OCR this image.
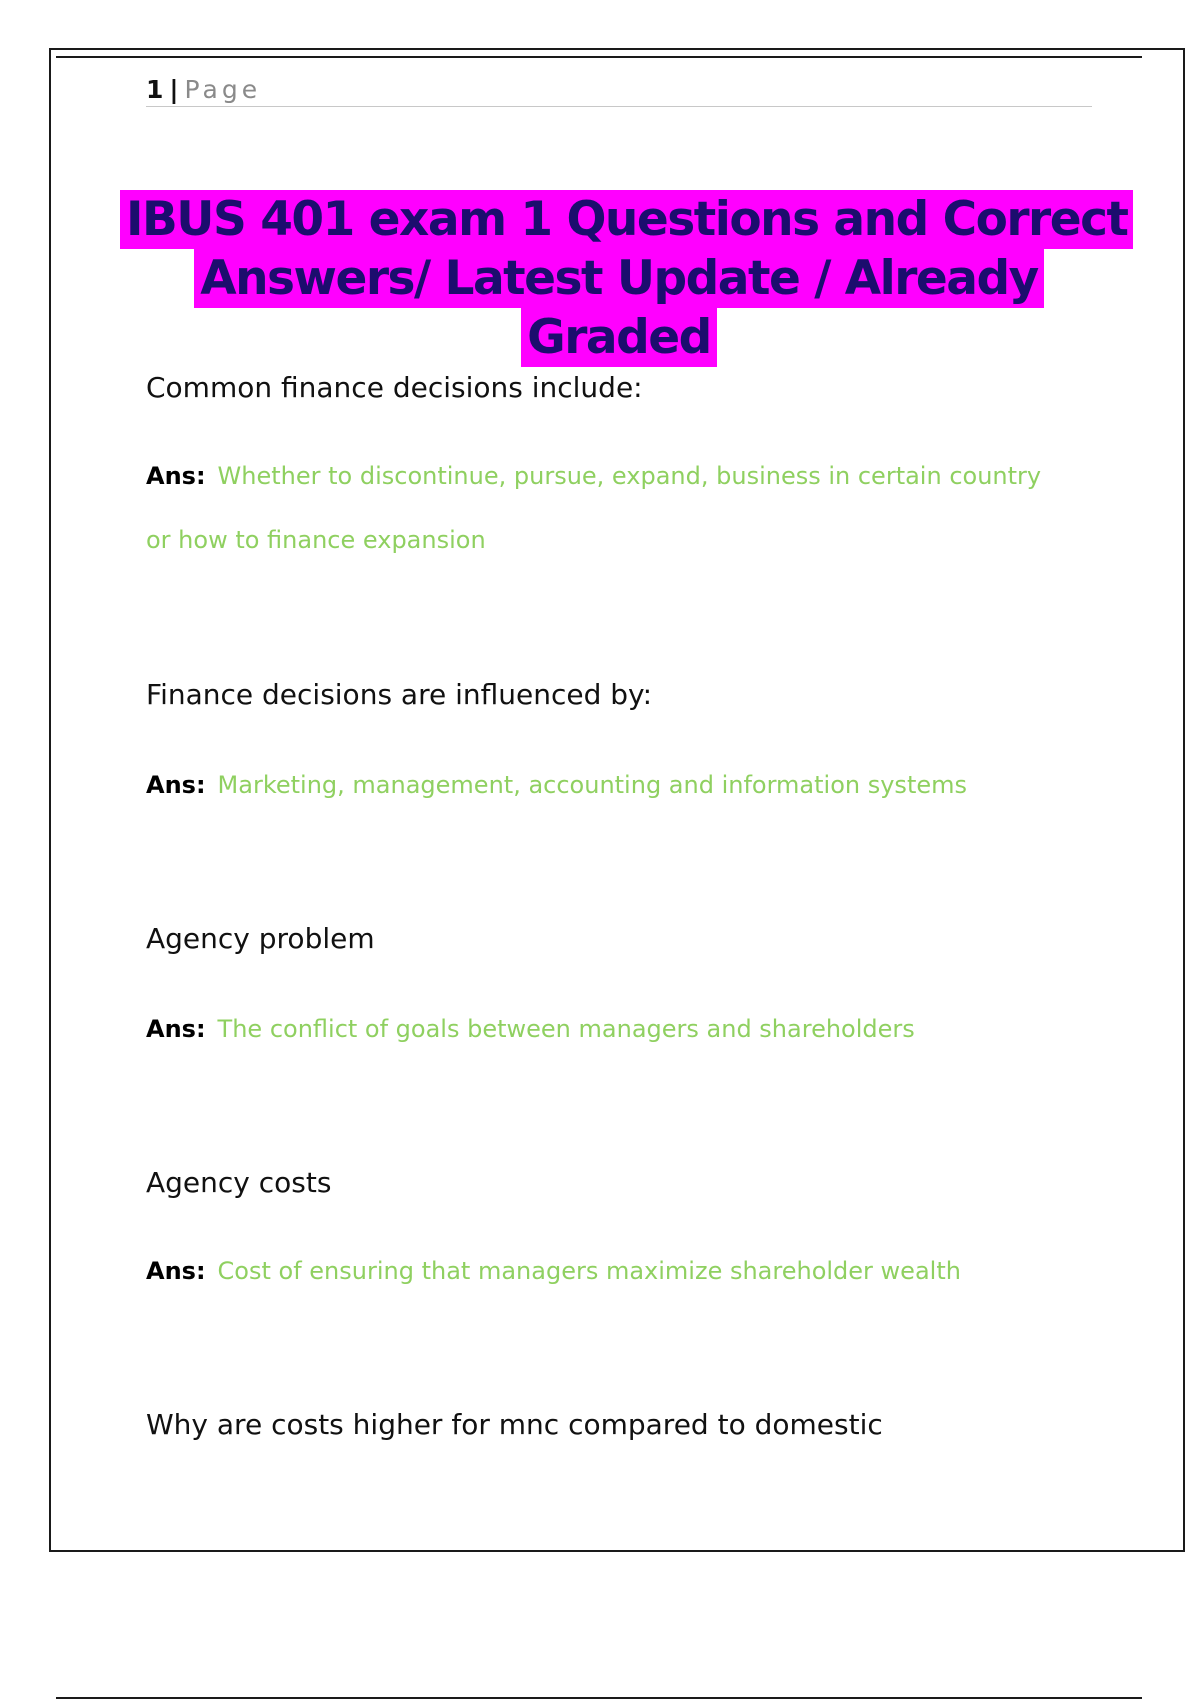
1 | Page
IBUS 401 exam 1 Questions and Correct
Answers/ Latest Update / Already
Graded
Common finance decisions include:
Ans: Whether to discontinue, pursue, expand, business in certain country
or how to finance expansion
Finance decisions are influenced by:
Ans: Marketing, management, accounting and information systems
Agency problem
Ans: The conflict of goals between managers and shareholders
Agency costs
Ans: Cost of ensuring that managers maximize shareholder wealth
Why are costs higher for mnc compared to domestic
